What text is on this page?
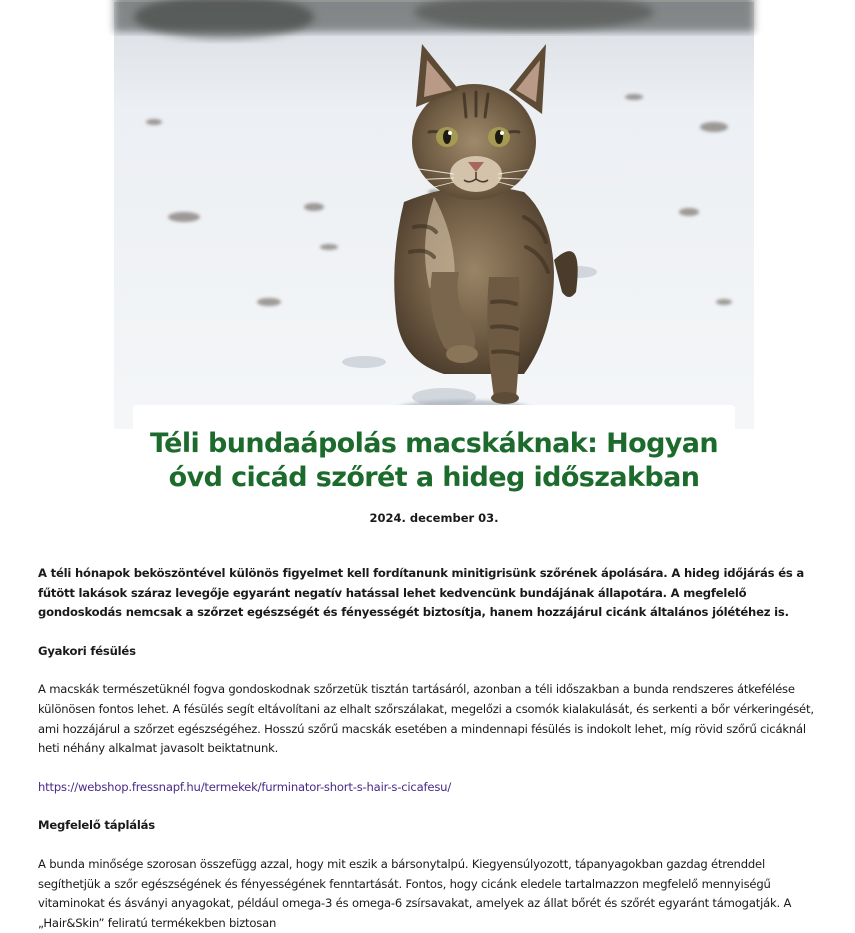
Téli bundaápolás macskáknak: Hogyan
óvd cicád szőrét a hideg időszakban
2024. december 03.

A téli hónapok beköszöntével különös figyelmet kell fordítanunk minitigrisünk szőrének ápolására. A hideg időjárás és a fűtött lakások száraz levegője egyaránt negatív hatással lehet kedvencünk bundájának állapotára. A megfelelő gondoskodás nemcsak a szőrzet egészségét és fényességét biztosítja, hanem hozzájárul cicánk általános jólétéhez is.

Gyakori fésülés

A macskák természetüknél fogva gondoskodnak szőrzetük tisztán tartásáról, azonban a téli időszakban a bunda rendszeres átkefélése különösen fontos lehet. A fésülés segít eltávolítani az elhalt szőrszálakat, megelőzi a csomók kialakulását, és serkenti a bőr vérkeringését, ami hozzájárul a szőrzet egészségéhez. Hosszú szőrű macskák esetében a mindennapi fésülés is indokolt lehet, míg rövid szőrű cicáknál heti néhány alkalmat javasolt beiktatnunk.

https://webshop.fressnapf.hu/termekek/furminator-short-s-hair-s-cicafesu/

Megfelelő táplálás

A bunda minősége szorosan összefügg azzal, hogy mit eszik a bársonytalpú. Kiegyensúlyozott, tápanyagokban gazdag étrenddel segíthetjük a szőr egészségének és fényességének fenntartását. Fontos, hogy cicánk eledele tartalmazzon megfelelő mennyiségű vitaminokat és ásványi anyagokat, például omega-3 és omega-6 zsírsavakat, amelyek az állat bőrét és szőrét egyaránt támogatják. A „Hair&Skin” feliratú termékekben biztosan
